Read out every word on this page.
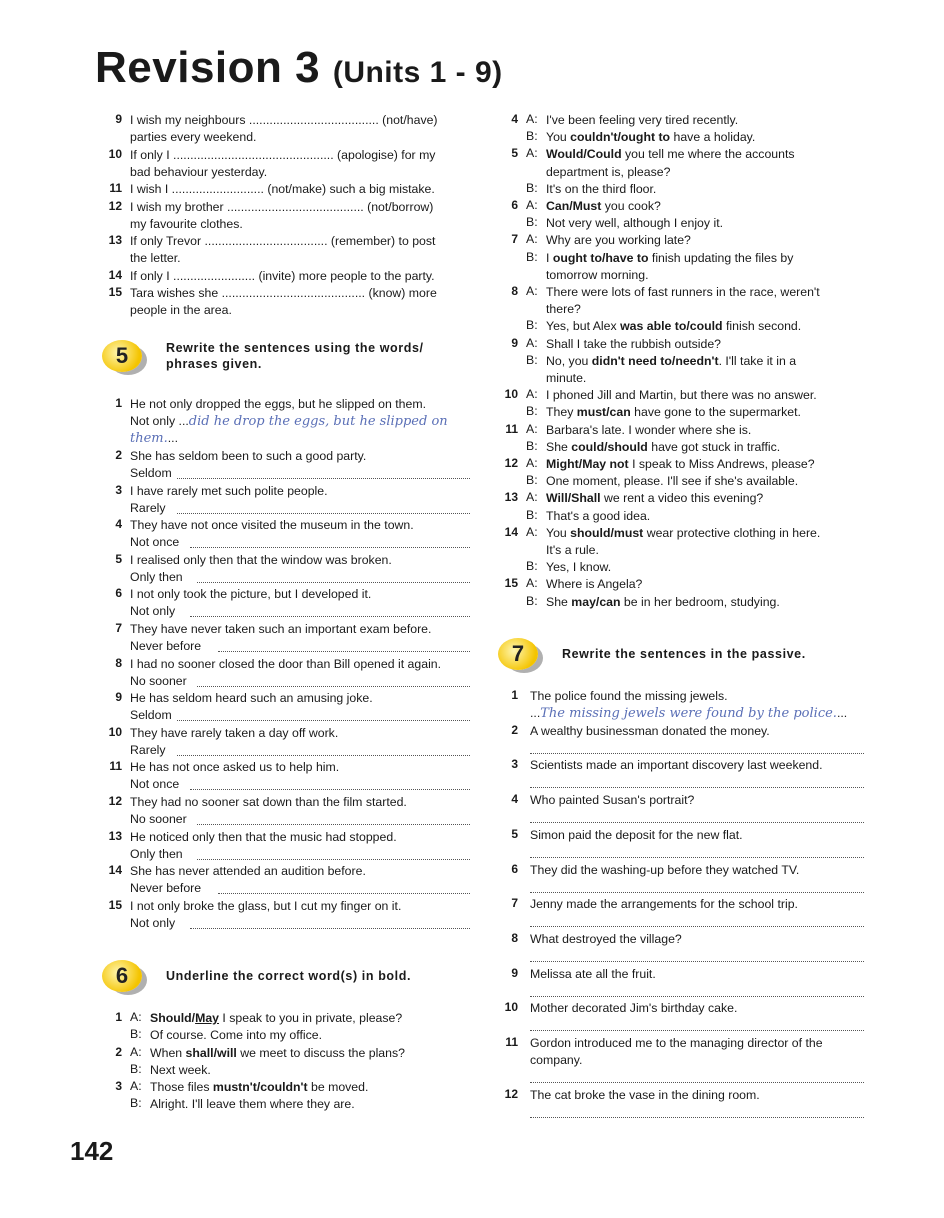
Revision 3 (Units 1 - 9)
9 I wish my neighbours ...................................... (not/have)
parties every weekend.
10 If only I ............................................... (apologise) for my
bad behaviour yesterday.
11 I wish I ........................... (not/make) such a big mistake.
12 I wish my brother ........................................ (not/borrow)
my favourite clothes.
13 If only Trevor .................................... (remember) to post
the letter.
14 If only I ........................ (invite) more people to the party.
15 Tara wishes she .......................................... (know) more
people in the area.
5	Rewrite the sentences using the words/
phrases given.
1 He not only dropped the eggs, but he slipped on them.
Not only ...did he drop the eggs, but he slipped on
them....
2 She has seldom been to such a good party.
Seldom
3 I have rarely met such polite people.
Rarely
4 They have not once visited the museum in the town.
Not once
5 I realised only then that the window was broken.
Only then
6 I not only took the picture, but I developed it.
Not only
7 They have never taken such an important exam before.
Never before
8 I had no sooner closed the door than Bill opened it again.
No sooner
9 He has seldom heard such an amusing joke.
Seldom
10 They have rarely taken a day off work.
Rarely
11 He has not once asked us to help him.
Not once
12 They had no sooner sat down than the film started.
No sooner
13 He noticed only then that the music had stopped.
Only then
14 She has never attended an audition before.
Never before
15 I not only broke the glass, but I cut my finger on it.
Not only
6	Underline the correct word(s) in bold.
1 A: Should/May I speak to you in private, please?
B: Of course. Come into my office.
2 A: When shall/will we meet to discuss the plans?
B: Next week.
3 A: Those files mustn't/couldn't be moved.
B: Alright. I'll leave them where they are.
4 A: I've been feeling very tired recently.
B: You couldn't/ought to have a holiday.
5 A: Would/Could you tell me where the accounts
department is, please?
B: It's on the third floor.
6 A: Can/Must you cook?
B: Not very well, although I enjoy it.
7 A: Why are you working late?
B: I ought to/have to finish updating the files by
tomorrow morning.
8 A: There were lots of fast runners in the race, weren't
there?
B: Yes, but Alex was able to/could finish second.
9 A: Shall I take the rubbish outside?
B: No, you didn't need to/needn't. I'll take it in a
minute.
10 A: I phoned Jill and Martin, but there was no answer.
B: They must/can have gone to the supermarket.
11 A: Barbara's late. I wonder where she is.
B: She could/should have got stuck in traffic.
12 A: Might/May not I speak to Miss Andrews, please?
B: One moment, please. I'll see if she's available.
13 A: Will/Shall we rent a video this evening?
B: That's a good idea.
14 A: You should/must wear protective clothing in here.
It's a rule.
B: Yes, I know.
15 A: Where is Angela?
B: She may/can be in her bedroom, studying.
7	Rewrite the sentences in the passive.
1 The police found the missing jewels.
...The missing jewels were found by the police....
2 A wealthy businessman donated the money.
3 Scientists made an important discovery last weekend.
4 Who painted Susan's portrait?
5 Simon paid the deposit for the new flat.
6 They did the washing-up before they watched TV.
7 Jenny made the arrangements for the school trip.
8 What destroyed the village?
9 Melissa ate all the fruit.
10 Mother decorated Jim's birthday cake.
11 Gordon introduced me to the managing director of the
company.
12 The cat broke the vase in the dining room.
142
